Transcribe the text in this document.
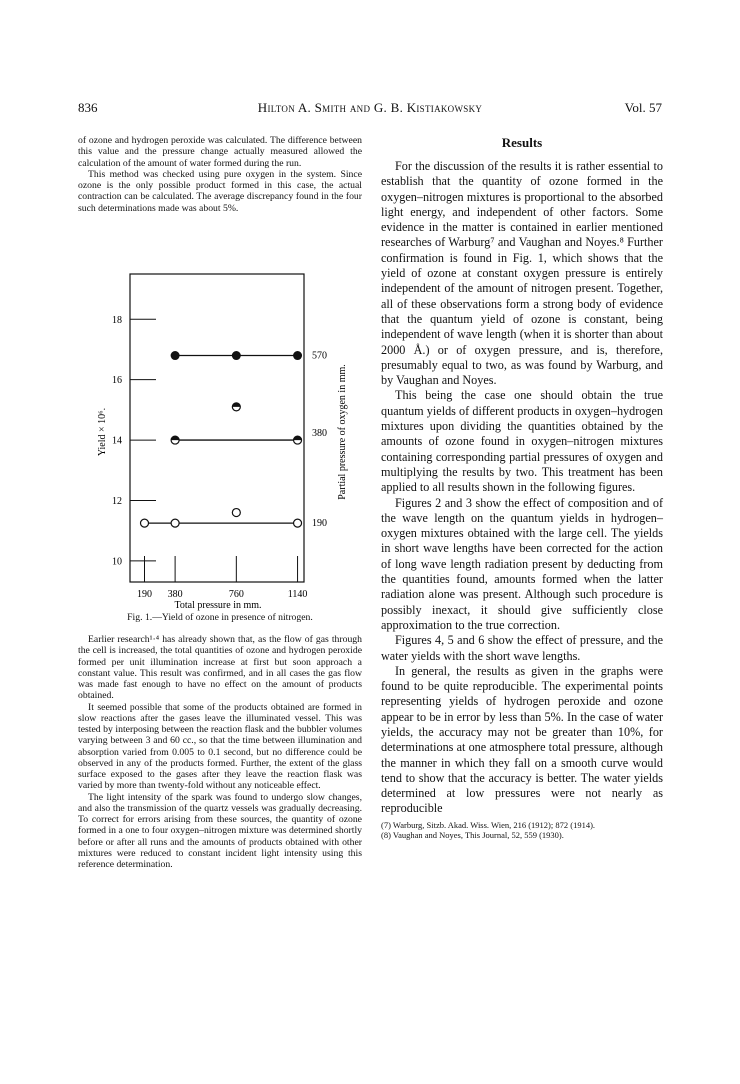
836	Hilton A. Smith and G. B. Kistiakowsky	Vol. 57

of ozone and hydrogen peroxide was calculated. The difference between this value and the pressure change actually measured allowed the calculation of the amount of water formed during the run.

This method was checked using pure oxygen in the system. Since ozone is the only possible product formed in this case, the actual contraction can be calculated. The average discrepancy found in the four such determinations made was about 5%.

10
12
14
16
18
190 380	760	1140
570
380
190
Yield × 10⁶.	Partial pressure of oxygen in mm.
Total pressure in mm.
Fig. 1.—Yield of ozone in presence of nitrogen.

Earlier research¹·⁴ has already shown that, as the flow of gas through the cell is increased, the total quantities of ozone and hydrogen peroxide formed per unit illumination increase at first but soon approach a constant value. This result was confirmed, and in all cases the gas flow was made fast enough to have no effect on the amount of products obtained.

It seemed possible that some of the products obtained are formed in slow reactions after the gases leave the illuminated vessel. This was tested by interposing between the reaction flask and the bubbler volumes varying between 3 and 60 cc., so that the time between illumination and absorption varied from 0.005 to 0.1 second, but no difference could be observed in any of the products formed. Further, the extent of the glass surface exposed to the gases after they leave the reaction flask was varied by more than twenty-fold without any noticeable effect.

The light intensity of the spark was found to undergo slow changes, and also the transmission of the quartz vessels was gradually decreasing. To correct for errors arising from these sources, the quantity of ozone formed in a one to four oxygen–nitrogen mixture was determined shortly before or after all runs and the amounts of products obtained with other mixtures were reduced to constant incident light intensity using this reference determination.

Results

For the discussion of the results it is rather essential to establish that the quantity of ozone formed in the oxygen–nitrogen mixtures is proportional to the absorbed light energy, and independent of other factors. Some evidence in the matter is contained in earlier mentioned researches of Warburg⁷ and Vaughan and Noyes.⁸ Further confirmation is found in Fig. 1, which shows that the yield of ozone at constant oxygen pressure is entirely independent of the amount of nitrogen present. Together, all of these observations form a strong body of evidence that the quantum yield of ozone is constant, being independent of wave length (when it is shorter than about 2000 Å.) or of oxygen pressure, and is, therefore, presumably equal to two, as was found by Warburg, and by Vaughan and Noyes.

This being the case one should obtain the true quantum yields of different products in oxygen–hydrogen mixtures upon dividing the quantities obtained by the amounts of ozone found in oxygen–nitrogen mixtures containing corresponding partial pressures of oxygen and multiplying the results by two. This treatment has been applied to all results shown in the following figures.

Figures 2 and 3 show the effect of composition and of the wave length on the quantum yields in hydrogen–oxygen mixtures obtained with the large cell. The yields in short wave lengths have been corrected for the action of long wave length radiation present by deducting from the quantities found, amounts formed when the latter radiation alone was present. Although such procedure is possibly inexact, it should give sufficiently close approximation to the true correction.

Figures 4, 5 and 6 show the effect of pressure, and the water yields with the short wave lengths.

In general, the results as given in the graphs were found to be quite reproducible. The experimental points representing yields of hydrogen peroxide and ozone appear to be in error by less than 5%. In the case of water yields, the accuracy may not be greater than 10%, for determinations at one atmosphere total pressure, although the manner in which they fall on a smooth curve would tend to show that the accuracy is better. The water yields determined at low pressures were not nearly as reproducible

(7) Warburg, Sitzb. Akad. Wiss. Wien, 216 (1912); 872 (1914).
(8) Vaughan and Noyes, This Journal, 52, 559 (1930).
